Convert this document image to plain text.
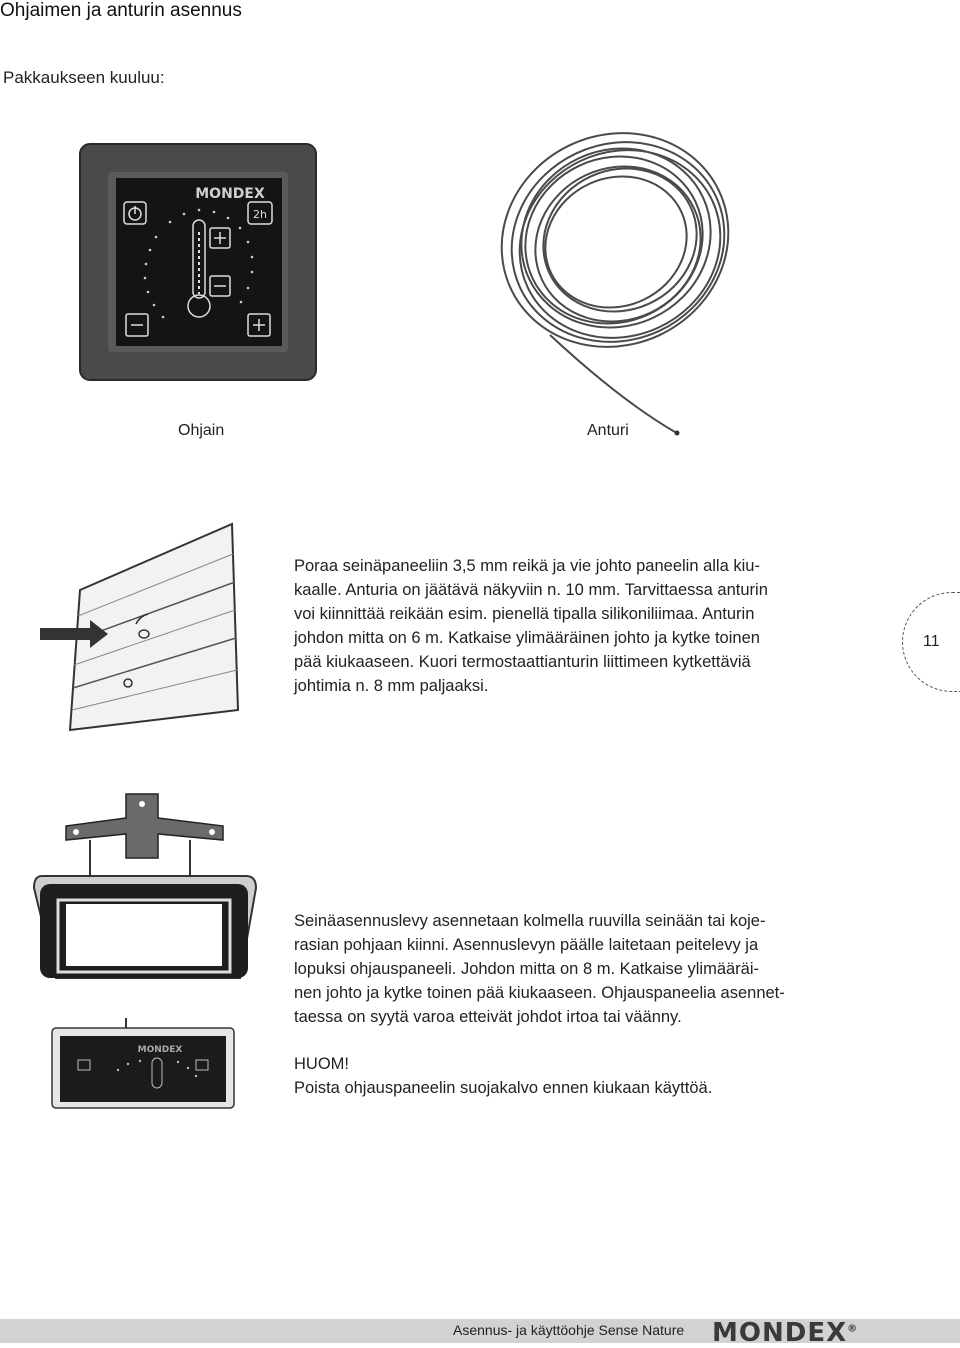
Ohjaimen ja anturin asennus
Pakkaukseen kuuluu:
MONDEX
2h
Ohjain	Anturi
Poraa seinäpaneeliin 3,5 mm reikä ja vie johto paneelin alla kiu-
kaalle. Anturia on jäätävä näkyviin n. 10 mm. Tarvittaessa anturin
voi kiinnittää reikään esim. pienellä tipalla silikoniliimaa. Anturin
johdon mitta on 6 m. Katkaise ylimääräinen johto ja kytke toinen
pää kiukaaseen. Kuori termostaattianturin liittimeen kytkettäviä
johtimia n. 8 mm paljaaksi.
11
MONDEX
Seinäasennuslevy asennetaan kolmella ruuvilla seinään tai koje-
rasian pohjaan kiinni. Asennuslevyn päälle laitetaan peitelevy ja
lopuksi ohjauspaneeli. Johdon mitta on 8 m. Katkaise ylimääräi-
nen johto ja kytke toinen pää kiukaaseen. Ohjauspaneelia asennet-
taessa on syytä varoa etteivät johdot irtoa tai väänny.
HUOM!
Poista ohjauspaneelin suojakalvo ennen kiukaan käyttöä.
Asennus- ja käyttöohje Sense Nature MONDEX®
